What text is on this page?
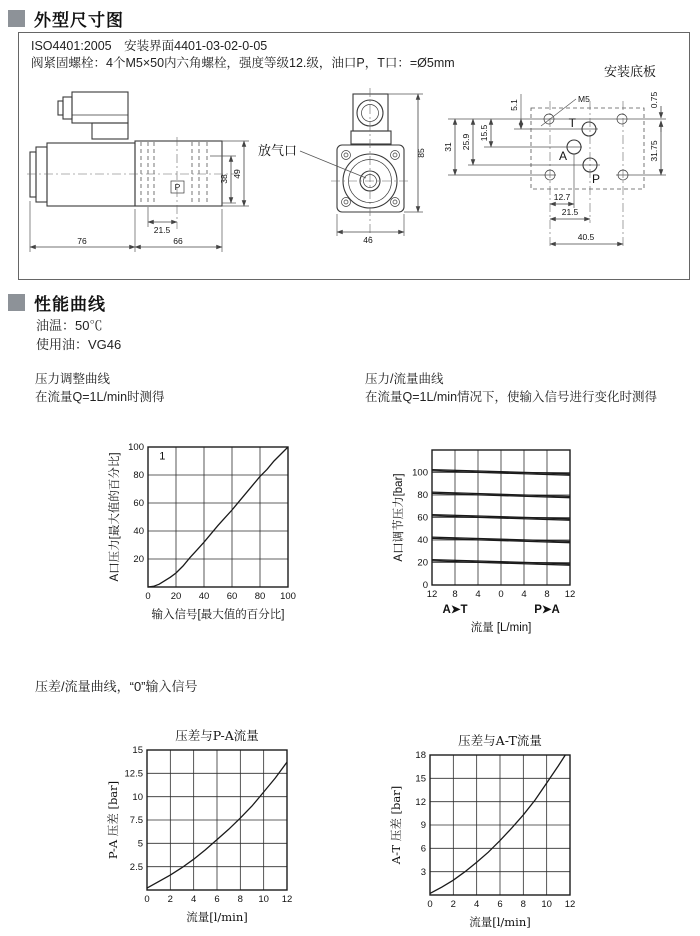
外型尺寸图
ISO4401:2005　安装界面4401-03-02-0-05
阀紧固螺栓：4个M5×50内六角螺栓，强度等级12.级，油口P，T口：=Ø5mm
P
76	66
21.5
38
49
放气口	85
46
安装底板
M5
T
A
P
31 25.9
15.5
5.1	0.75
31.75
12.7
21.5
40.5
性能曲线
油温：50℃
使用油：VG46
压力调整曲线
在流量Q=1L/min时测得
压力/流量曲线
在流量Q=1L/min情况下，使输入信号进行变化时测得
0 20 40 60 80 100
20
40
60
80
100
1
输入信号[最大值的百分比]
A口压力[最大值的百分比]
12 8 4 0 4 8 12
0
20
40
60
80
100
A➤T	P➤A
流量 [L/min]
A口调节压力[bar]
压差/流量曲线，“0”输入信号
0 2 4 6 8 10 12
2.5
5
7.5
10
12.5
15
压差与P-A流量
流量[l/min]
P-A 压差 [bar]
0 2 4 6 8 10 12
3
6
9
12
15
18
压差与A-T流量
流量[l/min]
A-T 压差 [bar]
